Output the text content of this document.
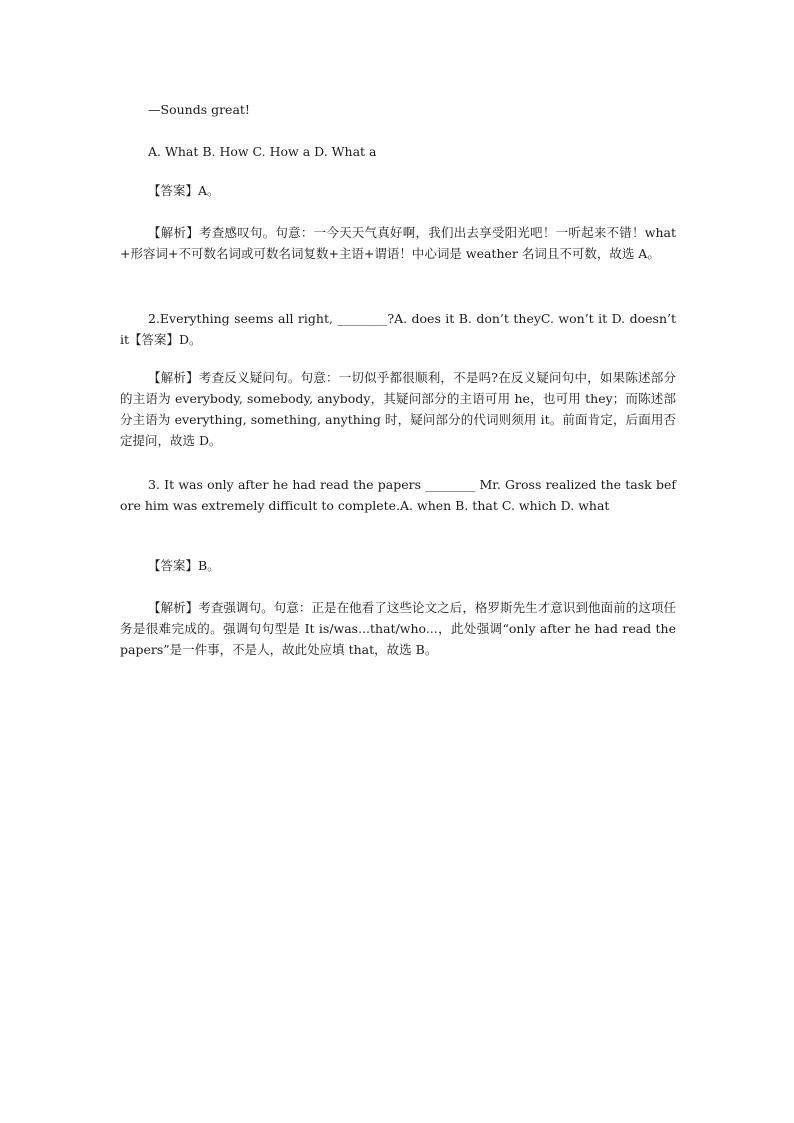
—Sounds great!

A. What B. How C. How a D. What a

【答案】A。

【解析】考查感叹句。句意：一今天天气真好啊，我们出去享受阳光吧！一听起来不错！what+形容词+不可数名词或可数名词复数+主语+谓语！中心词是 weather 名词且不可数，故选 A。

2.Everything seems all right, ________?A. does it B. don’t theyC. won’t it D. doesn’t it【答案】D。

【解析】考查反义疑问句。句意：一切似乎都很顺利，不是吗?在反义疑问句中，如果陈述部分的主语为 everybody, somebody, anybody，其疑问部分的主语可用 he，也可用 they；而陈述部分主语为 everything, something, anything 时，疑问部分的代词则须用 it。前面肯定，后面用否定提问，故选 D。

3. It was only after he had read the papers ________ Mr. Gross realized the task before him was extremely difficult to complete.A. when B. that C. which D. what

【答案】B。

【解析】考查强调句。句意：正是在他看了这些论文之后，格罗斯先生才意识到他面前的这项任务是很难完成的。强调句句型是 It is/was...that/who...，此处强调“only after he had read the papers”是一件事，不是人，故此处应填 that，故选 B。
